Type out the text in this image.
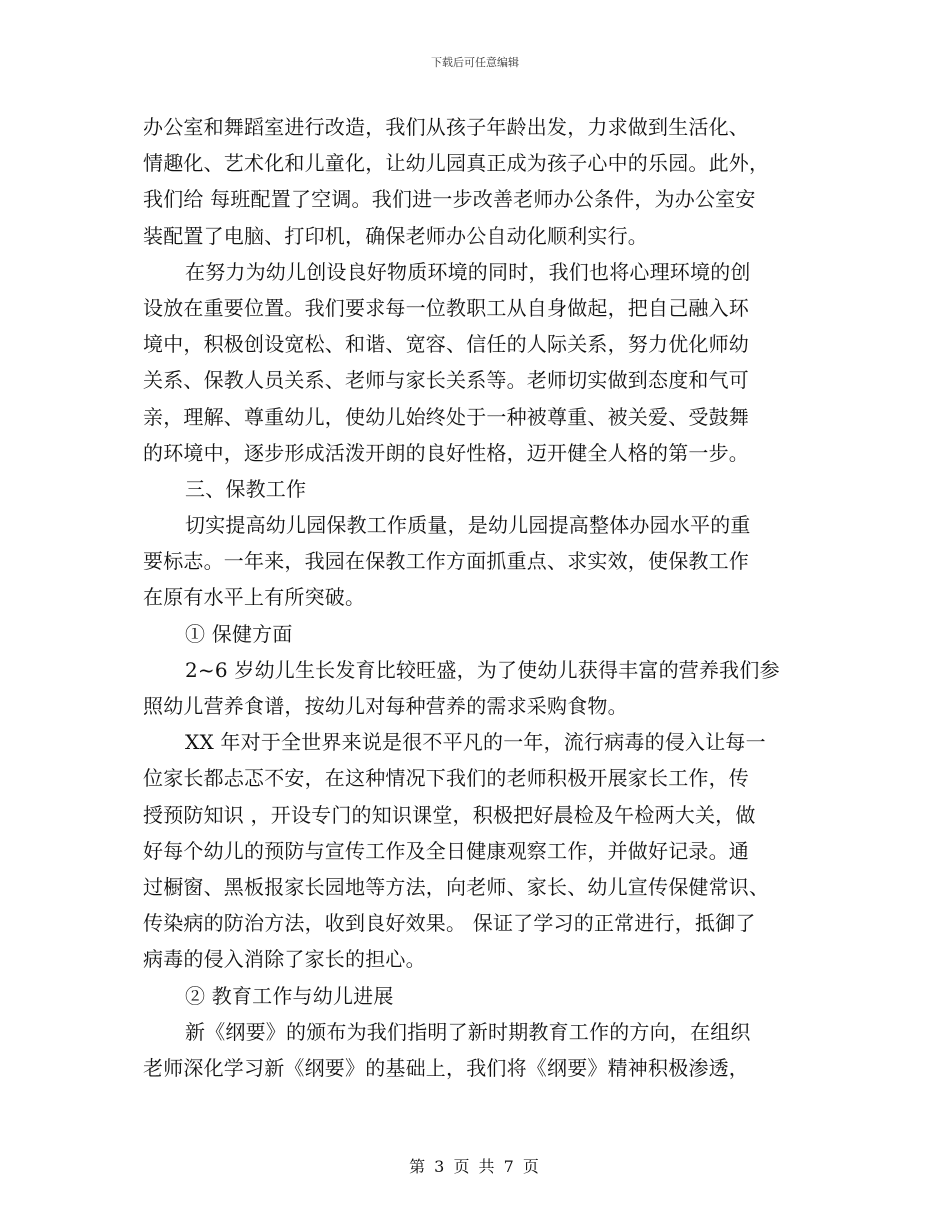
下载后可任意编辑
办公室和舞蹈室进行改造，我们从孩子年龄出发，力求做到生活化、
情趣化、艺术化和儿童化，让幼儿园真正成为孩子心中的乐园。此外，
我们给 每班配置了空调。我们进一步改善老师办公条件，为办公室安
装配置了电脑、打印机，确保老师办公自动化顺利实行。
在努力为幼儿创设良好物质环境的同时，我们也将心理环境的创
设放在重要位置。我们要求每一位教职工从自身做起，把自己融入环
境中，积极创设宽松、和谐、宽容、信任的人际关系，努力优化师幼
关系、保教人员关系、老师与家长关系等。老师切实做到态度和气可
亲，理解、尊重幼儿，使幼儿始终处于一种被尊重、被关爱、受鼓舞
的环境中，逐步形成活泼开朗的良好性格，迈开健全人格的第一步。
三、保教工作
切实提高幼儿园保教工作质量，是幼儿园提高整体办园水平的重
要标志。一年来，我园在保教工作方面抓重点、求实效，使保教工作
在原有水平上有所突破。
① 保健方面
2~6 岁幼儿生长发育比较旺盛，为了使幼儿获得丰富的营养我们参
照幼儿营养食谱，按幼儿对每种营养的需求采购食物。
XX 年对于全世界来说是很不平凡的一年，流行病毒的侵入让每一
位家长都忐忑不安，在这种情况下我们的老师积极开展家长工作，传
授预防知识 ，开设专门的知识课堂，积极把好晨检及午检两大关，做
好每个幼儿的预防与宣传工作及全日健康观察工作，并做好记录。通
过橱窗、黑板报家长园地等方法，向老师、家长、幼儿宣传保健常识、
传染病的防治方法，收到良好效果。 保证了学习的正常进行，抵御了
病毒的侵入消除了家长的担心。
② 教育工作与幼儿进展
新《纲要》的颁布为我们指明了新时期教育工作的方向，在组织
老师深化学习新《纲要》的基础上，我们将《纲要》精神积极渗透，
第 3 页 共 7 页
